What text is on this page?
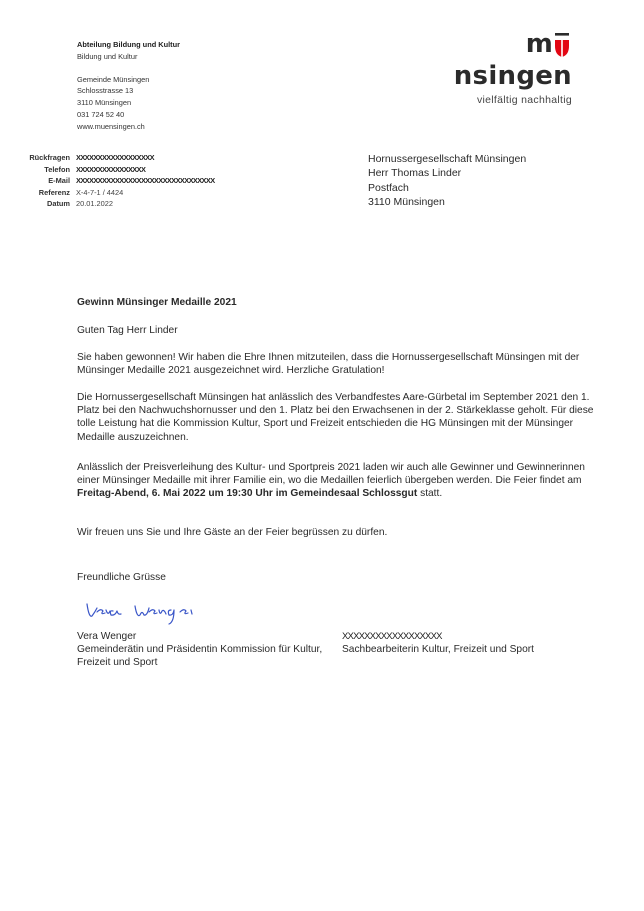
Abteilung Bildung und Kultur
Bildung und Kultur
Gemeinde Münsingen
Schlosstrasse 13
3110 Münsingen
031 724 52 40
www.muensingen.ch
m
nsingen
vielfältig nachhaltig
Rückfragen XXXXXXXXXXXXXXXXXX
Telefon XXXXXXXXXXXXXXXX
E-Mail XXXXXXXXXXXXXXXXXXXXXXXXXXXXXXXX
Referenz X-4-7-1 / 4424
Datum 20.01.2022
Hornussergesellschaft Münsingen
Herr Thomas Linder
Postfach
3110 Münsingen
Gewinn Münsinger Medaille 2021
Guten Tag Herr Linder
Sie haben gewonnen! Wir haben die Ehre Ihnen mitzuteilen, dass die Hornussergesellschaft Münsingen mit der Münsinger Medaille 2021 ausgezeichnet wird. Herzliche Gratulation!
Die Hornussergesellschaft Münsingen hat anlässlich des Verbandfestes Aare-Gürbetal im September 2021 den 1. Platz bei den Nachwuchshornusser und den 1. Platz bei den Erwachsenen in der 2. Stärkeklasse geholt. Für diese tolle Leistung hat die Kommission Kultur, Sport und Freizeit entschieden die HG Münsingen mit der Münsinger Medaille auszuzeichnen.
Anlässlich der Preisverleihung des Kultur- und Sportpreis 2021 laden wir auch alle Gewinner und Gewinnerinnen einer Münsinger Medaille mit ihrer Familie ein, wo die Medaillen feierlich übergeben werden. Die Feier findet am Freitag-Abend, 6. Mai 2022 um 19:30 Uhr im Gemeindesaal Schlossgut statt.
Wir freuen uns Sie und Ihre Gäste an der Feier begrüssen zu dürfen.
Freundliche Grüsse
Vera Wenger
Gemeinderätin und Präsidentin Kommission für Kultur, Freizeit und Sport
XXXXXXXXXXXXXXXXXX
Sachbearbeiterin Kultur, Freizeit und Sport
